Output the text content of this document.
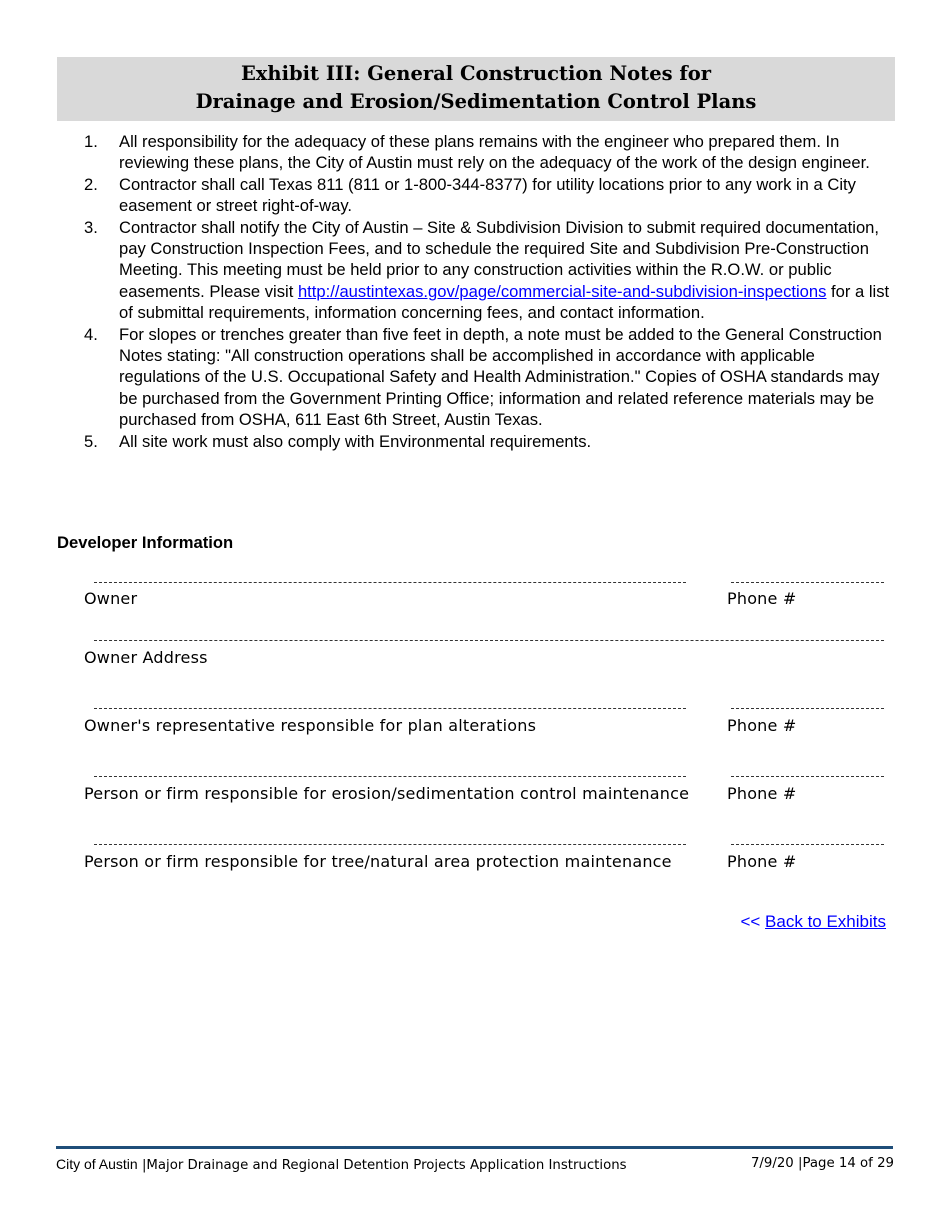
Exhibit III: General Construction Notes for
Drainage and Erosion/Sedimentation Control Plans
1. All responsibility for the adequacy of these plans remains with the engineer who prepared them. In reviewing these plans, the City of Austin must rely on the adequacy of the work of the design engineer.
2. Contractor shall call Texas 811 (811 or 1-800-344-8377) for utility locations prior to any work in a City easement or street right-of-way.
3. Contractor shall notify the City of Austin – Site & Subdivision Division to submit required documentation, pay Construction Inspection Fees, and to schedule the required Site and Subdivision Pre-Construction Meeting. This meeting must be held prior to any construction activities within the R.O.W. or public easements. Please visit http://austintexas.gov/page/commercial-site-and-subdivision-inspections for a list of submittal requirements, information concerning fees, and contact information.
4. For slopes or trenches greater than five feet in depth, a note must be added to the General Construction Notes stating: "All construction operations shall be accomplished in accordance with applicable regulations of the U.S. Occupational Safety and Health Administration." Copies of OSHA standards may be purchased from the Government Printing Office; information and related reference materials may be purchased from OSHA, 611 East 6th Street, Austin Texas.
5. All site work must also comply with Environmental requirements.
Developer Information
Owner	Phone #
Owner Address
Owner's representative responsible for plan alterations	Phone #
Person or firm responsible for erosion/sedimentation control maintenance Phone #
Person or firm responsible for tree/natural area protection maintenance	Phone #
<< Back to Exhibits
City of Austin |Major Drainage and Regional Detention Projects Application Instructions	7/9/20 |Page 14 of 29
